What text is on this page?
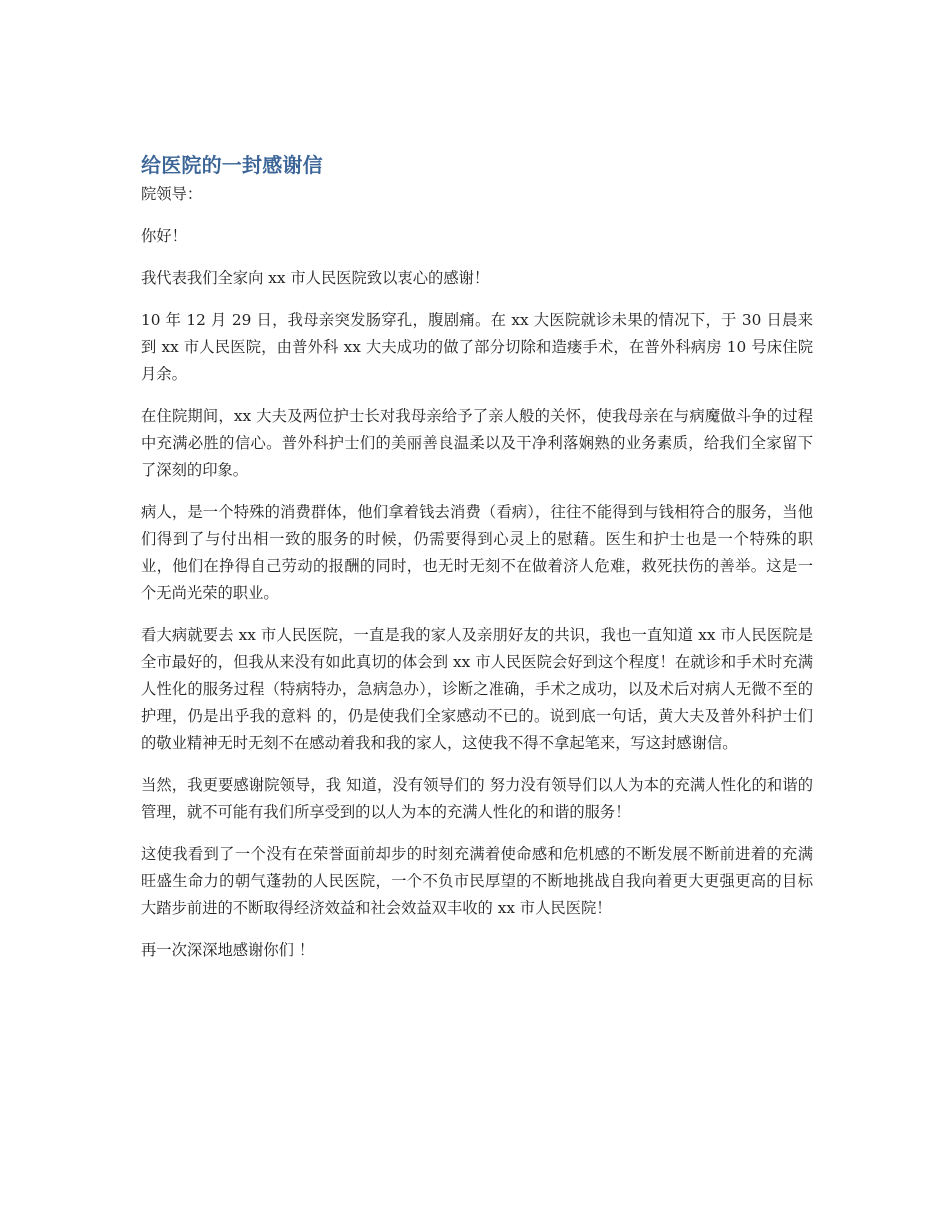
给医院的一封感谢信

院领导：

你好！

我代表我们全家向 xx 市人民医院致以衷心的感谢！

10 年 12 月 29 日，我母亲突发肠穿孔，腹剧痛。在 xx 大医院就诊未果的情况下，于 30 日晨来到 xx 市人民医院，由普外科 xx 大夫成功的做了部分切除和造瘘手术，在普外科病房 10 号床住院月余。

在住院期间，xx 大夫及两位护士长对我母亲给予了亲人般的关怀，使我母亲在与病魔做斗争的过程中充满必胜的信心。普外科护士们的美丽善良温柔以及干净利落娴熟的业务素质，给我们全家留下了深刻的印象。

病人，是一个特殊的消费群体，他们拿着钱去消费（看病），往往不能得到与钱相符合的服务，当他们得到了与付出相一致的服务的时候，仍需要得到心灵上的慰藉。医生和护士也是一个特殊的职业，他们在挣得自己劳动的报酬的同时，也无时无刻不在做着济人危难，救死扶伤的善举。这是一个无尚光荣的职业。

看大病就要去 xx 市人民医院，一直是我的家人及亲朋好友的共识，我也一直知道 xx 市人民医院是 全市最好的，但我从来没有如此真切的体会到 xx 市人民医院会好到这个程度！在就诊和手术时充满人性化的服务过程（特病特办，急病急办），诊断之准确，手术之成功，以及术后对病人无微不至的护理，仍是出乎我的意料 的，仍是使我们全家感动不已的。说到底一句话，黄大夫及普外科护士们的敬业精神无时无刻不在感动着我和我的家人，这使我不得不拿起笔来，写这封感谢信。

当然，我更要感谢院领导，我 知道，没有领导们的 努力没有领导们以人为本的充满人性化的和谐的 管理，就不可能有我们所享受到的以人为本的充满人性化的和谐的服务！

这使我看到了一个没有在荣誉面前却步的时刻充满着使命感和危机感的不断发展不断前进着的充满旺盛生命力的朝气蓬勃的人民医院，一个不负市民厚望的不断地挑战自我向着更大更强更高的目标大踏步前进的不断取得经济效益和社会效益双丰收的 xx 市人民医院！

再一次深深地感谢你们 ！
